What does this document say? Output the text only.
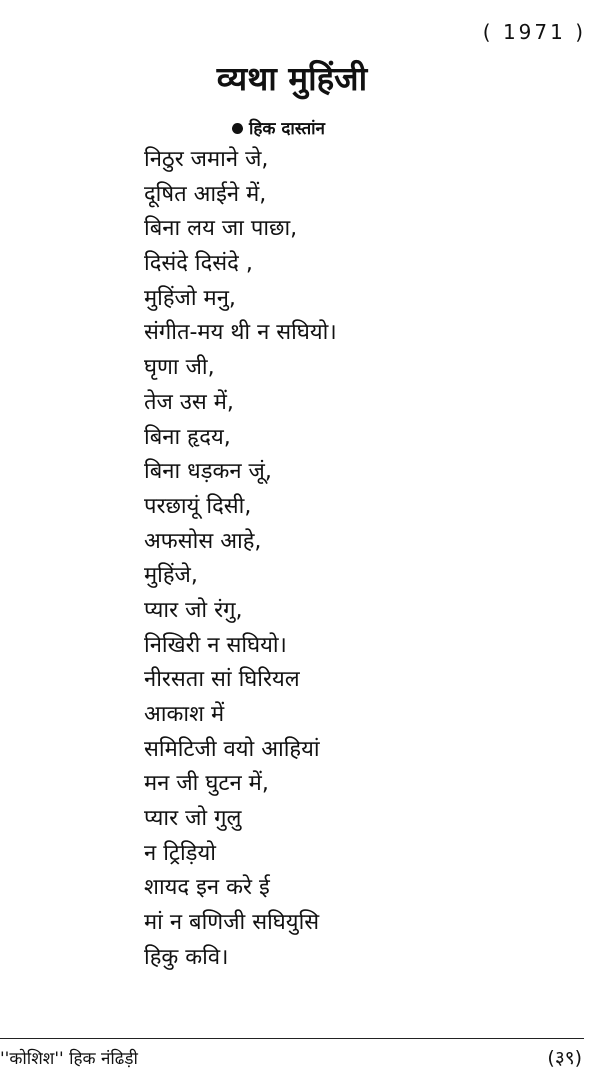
( 1971 )
व्यथा मुहिंजी
हिक दास्तांन
निठुर जमाने जे,
दूषित आईने में,
बिना लय जा पाछा,
दिसंदे दिसंदे ,
मुहिंजो मनु,
संगीत-मय थी न सघियो।
घृणा जी,
तेज उस में,
बिना हृदय,
बिना धड़कन जूं,
परछायूं दिसी,
अफसोस आहे,
मुहिंजे,
प्यार जो रंगु,
निखिरी न सघियो।
नीरसता सां घिरियल
आकाश में
समिटिजी वयो आहियां
मन जी घुटन में,
प्यार जो गुलु
न ट्रिड़ियो
शायद इन करे ई
मां न बणिजी सघियुसि
हिकु कवि।
''कोशिश'' हिक नंढिड़ी	(३९)
